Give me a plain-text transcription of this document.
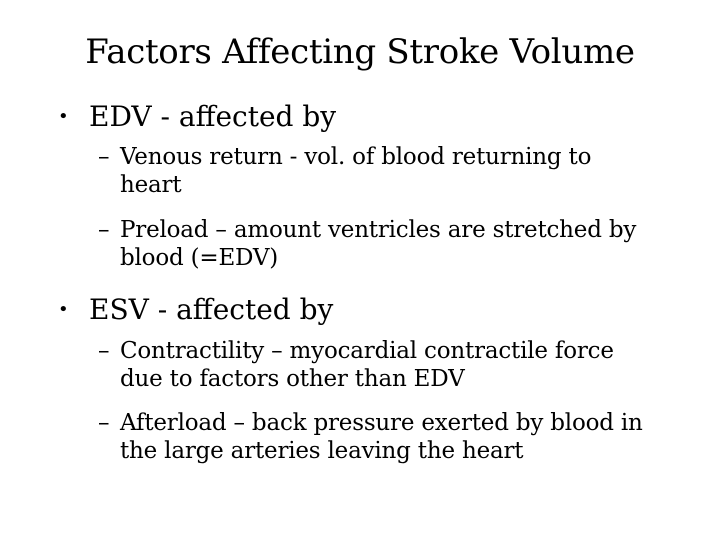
Factors Affecting Stroke Volume
• EDV - affected by
– Venous return - vol. of blood returning to heart
– Preload – amount ventricles are stretched by blood (=EDV)
• ESV - affected by
– Contractility – myocardial contractile force due to factors other than EDV
– Afterload – back pressure exerted by blood in the large arteries leaving the heart
